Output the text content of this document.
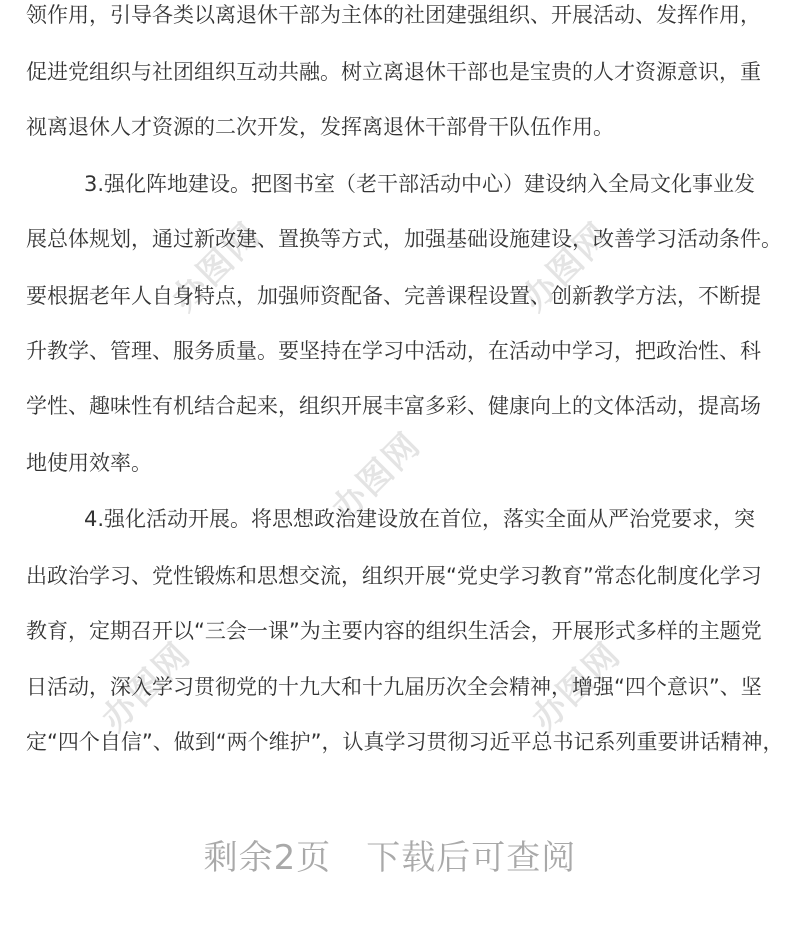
办图网	办图网
办图网
办图网	办图网
领作用，引导各类以离退休干部为主体的社团建强组织、开展活动、发挥作用，
促进党组织与社团组织互动共融。树立离退休干部也是宝贵的人才资源意识，重
视离退休人才资源的二次开发，发挥离退休干部骨干队伍作用。
3.强化阵地建设。把图书室（老干部活动中心）建设纳入全局文化事业发
展总体规划，通过新改建、置换等方式，加强基础设施建设，改善学习活动条件。
要根据老年人自身特点，加强师资配备、完善课程设置、创新教学方法，不断提
升教学、管理、服务质量。要坚持在学习中活动，在活动中学习，把政治性、科
学性、趣味性有机结合起来，组织开展丰富多彩、健康向上的文体活动，提高场
地使用效率。
4.强化活动开展。将思想政治建设放在首位，落实全面从严治党要求，突
出政治学习、党性锻炼和思想交流，组织开展“党史学习教育”常态化制度化学习
教育，定期召开以“三会一课”为主要内容的组织生活会，开展形式多样的主题党
日活动，深入学习贯彻党的十九大和十九届历次全会精神，增强“四个意识”、坚
定“四个自信”、做到“两个维护”，认真学习贯彻习近平总书记系列重要讲话精神，
剩余2页　下载后可查阅
